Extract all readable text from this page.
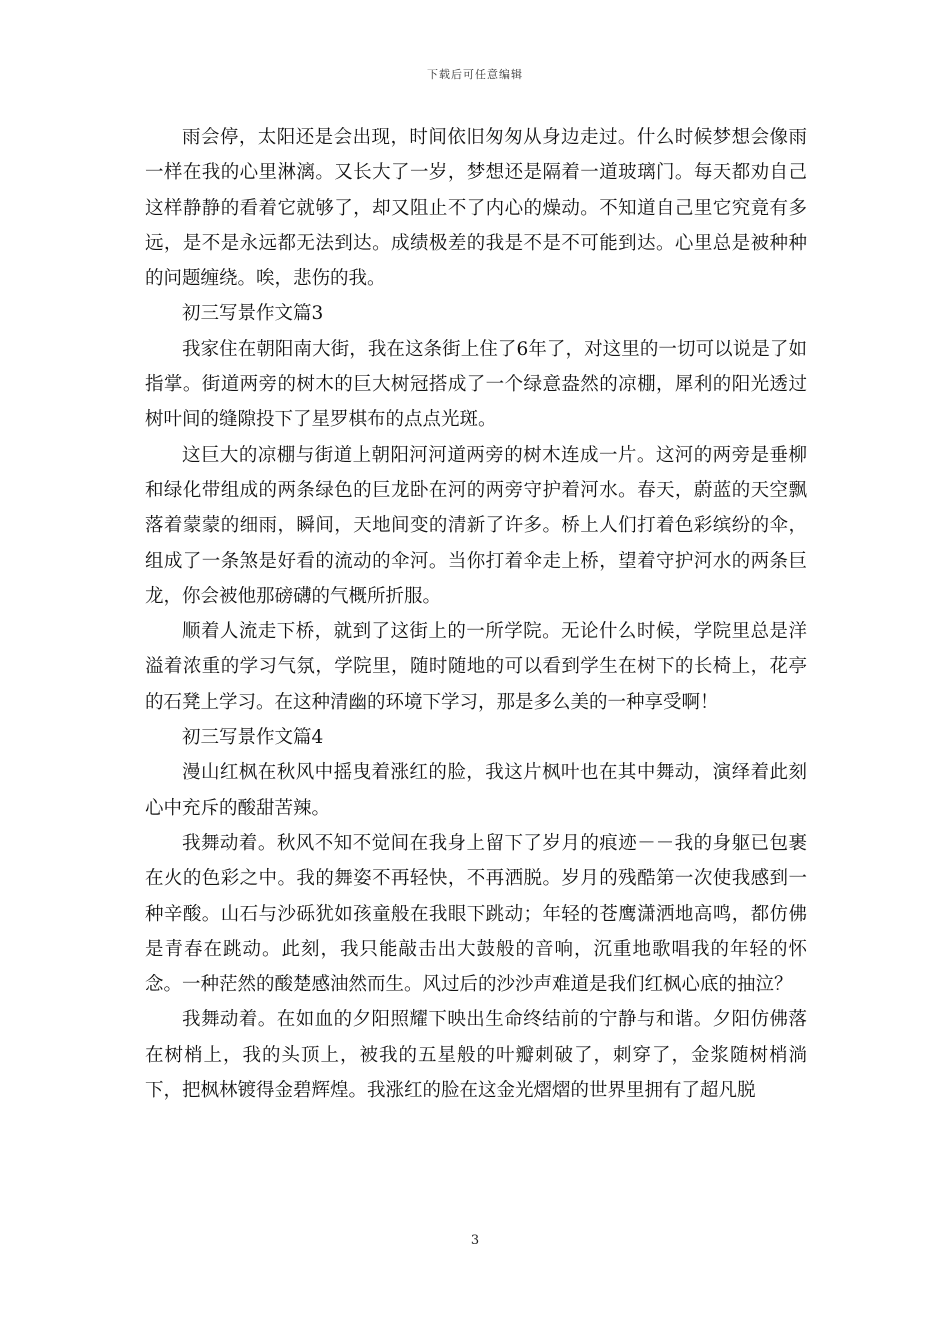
下载后可任意编辑

雨会停，太阳还是会出现，时间依旧匆匆从身边走过。什么时候梦想会像雨一样在我的心里淋漓。又长大了一岁，梦想还是隔着一道玻璃门。每天都劝自己这样静静的看着它就够了，却又阻止不了内心的燥动。不知道自己里它究竟有多远，是不是永远都无法到达。成绩极差的我是不是不可能到达。心里总是被种种的问题缠绕。唉，悲伤的我。

初三写景作文篇3

我家住在朝阳南大街，我在这条街上住了6年了，对这里的一切可以说是了如指掌。街道两旁的树木的巨大树冠搭成了一个绿意盎然的凉棚，犀利的阳光透过树叶间的缝隙投下了星罗棋布的点点光斑。

这巨大的凉棚与街道上朝阳河河道两旁的树木连成一片。这河的两旁是垂柳和绿化带组成的两条绿色的巨龙卧在河的两旁守护着河水。春天，蔚蓝的天空飘落着蒙蒙的细雨，瞬间，天地间变的清新了许多。桥上人们打着色彩缤纷的伞，组成了一条煞是好看的流动的伞河。当你打着伞走上桥，望着守护河水的两条巨龙，你会被他那磅礴的气概所折服。

顺着人流走下桥，就到了这街上的一所学院。无论什么时候，学院里总是洋溢着浓重的学习气氛，学院里，随时随地的可以看到学生在树下的长椅上，花亭的石凳上学习。在这种清幽的环境下学习，那是多么美的一种享受啊！

初三写景作文篇4

漫山红枫在秋风中摇曳着涨红的脸，我这片枫叶也在其中舞动，演绎着此刻心中充斥的酸甜苦辣。

我舞动着。秋风不知不觉间在我身上留下了岁月的痕迹－－我的身躯已包裹在火的色彩之中。我的舞姿不再轻快，不再洒脱。岁月的残酷第一次使我感到一种辛酸。山石与沙砾犹如孩童般在我眼下跳动；年轻的苍鹰潇洒地高鸣，都仿佛是青春在跳动。此刻，我只能敲击出大鼓般的音响，沉重地歌唱我的年轻的怀念。一种茫然的酸楚感油然而生。风过后的沙沙声难道是我们红枫心底的抽泣？

我舞动着。在如血的夕阳照耀下映出生命终结前的宁静与和谐。夕阳仿佛落在树梢上，我的头顶上，被我的五星般的叶瓣刺破了，刺穿了，金浆随树梢淌下，把枫林镀得金碧辉煌。我涨红的脸在这金光熠熠的世界里拥有了超凡脱

3
